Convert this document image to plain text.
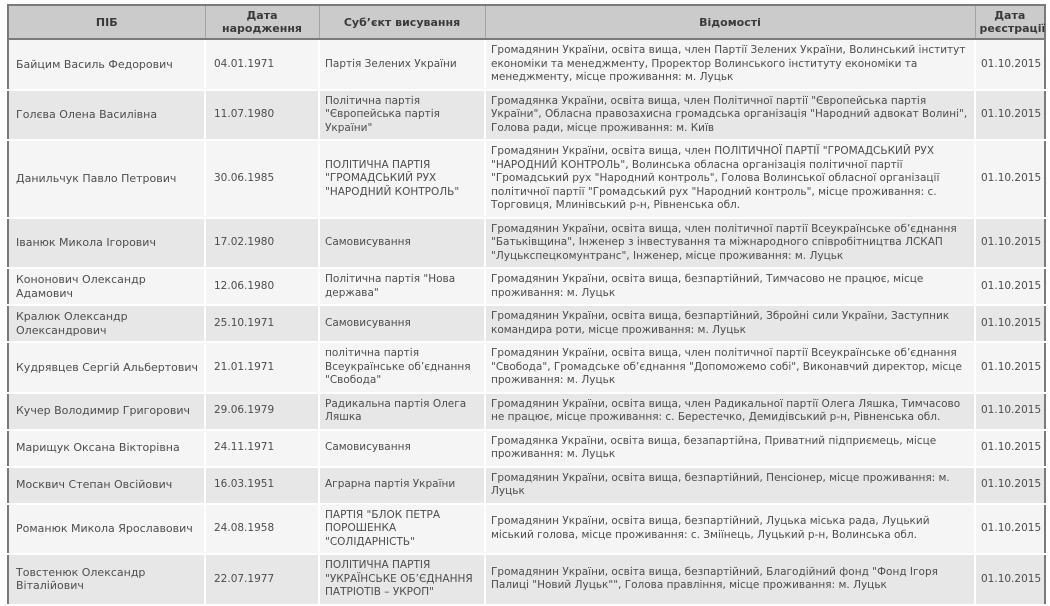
ПІБ	Дата народження	Суб’єкт висування	Відомості	Дата реєстрації
Байцим Василь Федорович	04.01.1971	Партія Зелених України	Громадянин України, освіта вища, член Партії Зелених України, Волинський інститут економіки та менеджменту, Проректор Волинського інституту економіки та менеджменту, місце проживання: м. Луцьк	01.10.2015
Голєва Олена Василівна	11.07.1980	Політична партія "Європейська партія України"	Громадянка України, освіта вища, член Політичної партії "Європейська партія України", Обласна правозахисна громадська організація "Народний адвокат Волині", Голова ради, місце проживання: м. Київ	01.10.2015
Данильчук Павло Петрович	30.06.1985	ПОЛІТИЧНА ПАРТІЯ "ГРОМАДСЬКИЙ РУХ "НАРОДНИЙ КОНТРОЛЬ"	Громадянин України, освіта вища, член ПОЛІТИЧНОЇ ПАРТІЇ "ГРОМАДСЬКИЙ РУХ "НАРОДНИЙ КОНТРОЛЬ", Волинська обласна організація політичної партії "Громадський рух "Народний контроль", Голова Волинської обласної організації політичної партії "Громадський рух "Народний контроль", місце проживання: с. Торговиця, Млинівський р-н, Рівненська обл.	01.10.2015
Іванюк Микола Ігорович	17.02.1980	Самовисування	Громадянин України, освіта вища, член політичної партії Всеукраїнське об’єднання "Батьківщина", Інженер з інвестування та міжнародного співробітництва ЛСКАП "Луцькспецкомунтранс", Інженер, місце проживання: м. Луцьк	01.10.2015
Кононович Олександр Адамович	12.06.1980	Політична партія "Нова держава"	Громадянин України, освіта вища, безпартійний, Тимчасово не працює, місце проживання: м. Луцьк	01.10.2015
Кралюк Олександр Олександрович	25.10.1971	Самовисування	Громадянин України, освіта вища, безпартійний, Збройні сили України, Заступник командира роти, місце проживання: м. Луцьк	01.10.2015
Кудрявцев Сергій Альбертович	21.01.1971	політична партія Всеукраїнське об’єднання "Свобода"	Громадянин України, освіта вища, член політичної партії Всеукраїнське об’єднання "Свобода", Громадське об’єднання "Допоможемо собі", Виконавчий директор, місце проживання: м. Луцьк	01.10.2015
Кучер Володимир Григорович	29.06.1979	Радикальна партія Олега Ляшка	Громадянин України, освіта вища, член Радикальної партії Олега Ляшка, Тимчасово не працює, місце проживання: с. Берестечко, Демидівський р-н, Рівненська обл.	01.10.2015
Марищук Оксана Вікторівна	24.11.1971	Самовисування	Громадянка України, освіта вища, безапартійна, Приватний підприємець, місце проживання: м. Луцьк	01.10.2015
Москвич Степан Овсійович	16.03.1951	Аграрна партія України	Громадянин України, освіта вища, безпартійний, Пенсіонер, місце проживання: м. Луцьк	01.10.2015
Романюк Микола Ярославович	24.08.1958	ПАРТІЯ "БЛОК ПЕТРА ПОРОШЕНКА "СОЛІДАРНІСТЬ"	Громадянин України, освіта вища, безпартійний, Луцька міська рада, Луцький міський голова, місце проживання: с. Зміїнець, Луцький р-н, Волинська обл.	01.10.2015
Товстенюк Олександр Віталійович	22.07.1977	ПОЛІТИЧНА ПАРТІЯ "УКРАЇНСЬКЕ ОБ’ЄДНАННЯ ПАТРІОТІВ – УКРОП"	Громадянин України, освіта вища, безпартійний, Благодійний фонд "Фонд Ігоря Палиці "Новий Луцьк"", Голова правління, місце проживання: м. Луцьк	01.10.2015
